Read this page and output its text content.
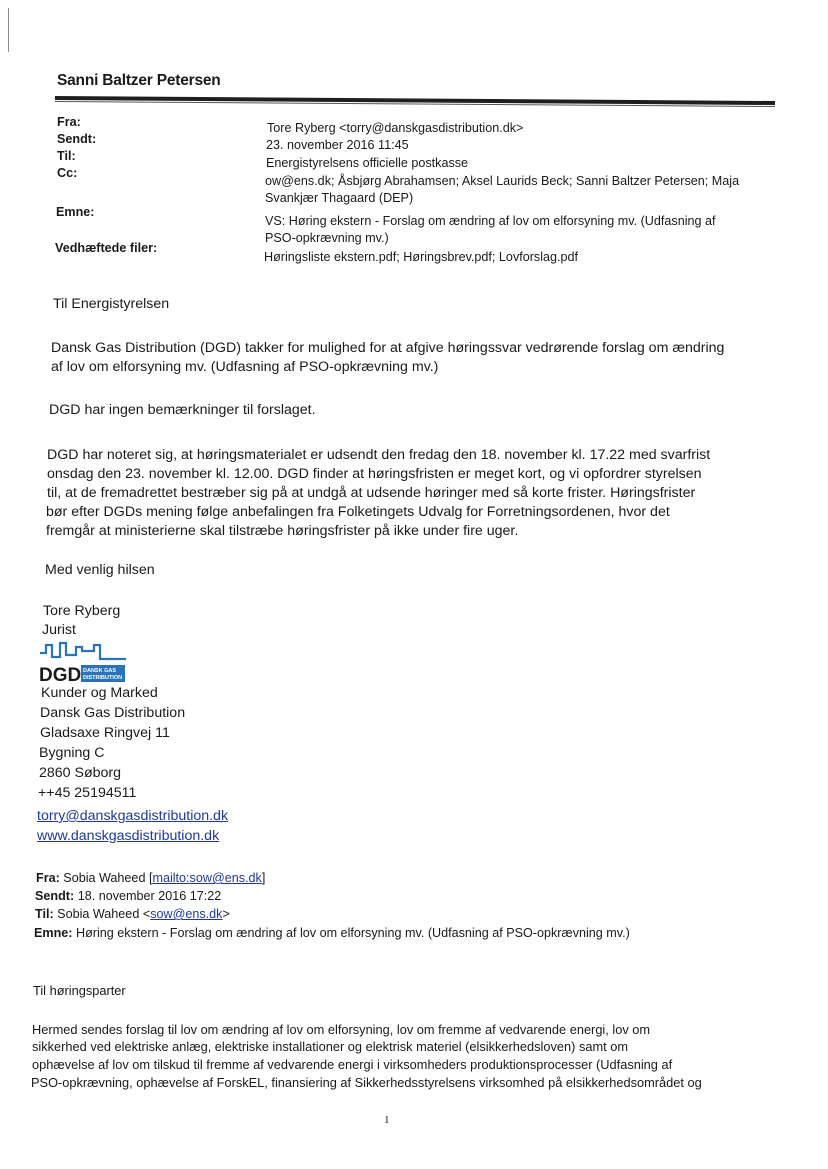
Sanni Baltzer Petersen
Fra:
Sendt:
Til:
Cc:
Emne:
Vedhæftede filer:
Tore Ryberg <torry@danskgasdistribution.dk>
23. november 2016 11:45
Energistyrelsens officielle postkasse
ow@ens.dk; Åsbjørg Abrahamsen; Aksel Laurids Beck; Sanni Baltzer Petersen; Maja
Svankjær Thagaard (DEP)
VS: Høring ekstern - Forslag om ændring af lov om elforsyning mv. (Udfasning af
PSO-opkrævning mv.)
Høringsliste ekstern.pdf; Høringsbrev.pdf; Lovforslag.pdf
Til Energistyrelsen
Dansk Gas Distribution (DGD) takker for mulighed for at afgive høringssvar vedrørende forslag om ændring
af lov om elforsyning mv. (Udfasning af PSO-opkrævning mv.)
DGD har ingen bemærkninger til forslaget.
DGD har noteret sig, at høringsmaterialet er udsendt den fredag den 18. november kl. 17.22 med svarfrist
onsdag den 23. november kl. 12.00. DGD finder at høringsfristen er meget kort, og vi opfordrer styrelsen
til, at de fremadrettet bestræber sig på at undgå at udsende høringer med så korte frister. Høringsfrister
bør efter DGDs mening følge anbefalingen fra Folketingets Udvalg for Forretningsordenen, hvor det
fremgår at ministerierne skal tilstræbe høringsfrister på ikke under fire uger.
Med venlig hilsen
Tore Ryberg
Jurist
DGD DANSK GAS
DISTRIBUTION
Kunder og Marked
Dansk Gas Distribution
Gladsaxe Ringvej 11
Bygning C
2860 Søborg
++45 25194511
torry@danskgasdistribution.dk
www.danskgasdistribution.dk
Fra: Sobia Waheed [mailto:sow@ens.dk]
Sendt: 18. november 2016 17:22
Til: Sobia Waheed <sow@ens.dk>
Emne: Høring ekstern - Forslag om ændring af lov om elforsyning mv. (Udfasning af PSO-opkrævning mv.)
Til høringsparter
Hermed sendes forslag til lov om ændring af lov om elforsyning, lov om fremme af vedvarende energi, lov om
sikkerhed ved elektriske anlæg, elektriske installationer og elektrisk materiel (elsikkerhedsloven) samt om
ophævelse af lov om tilskud til fremme af vedvarende energi i virksomheders produktionsprocesser (Udfasning af
PSO-opkrævning, ophævelse af ForskEL, finansiering af Sikkerhedsstyrelsens virksomhed på elsikkerhedsområdet og
1
